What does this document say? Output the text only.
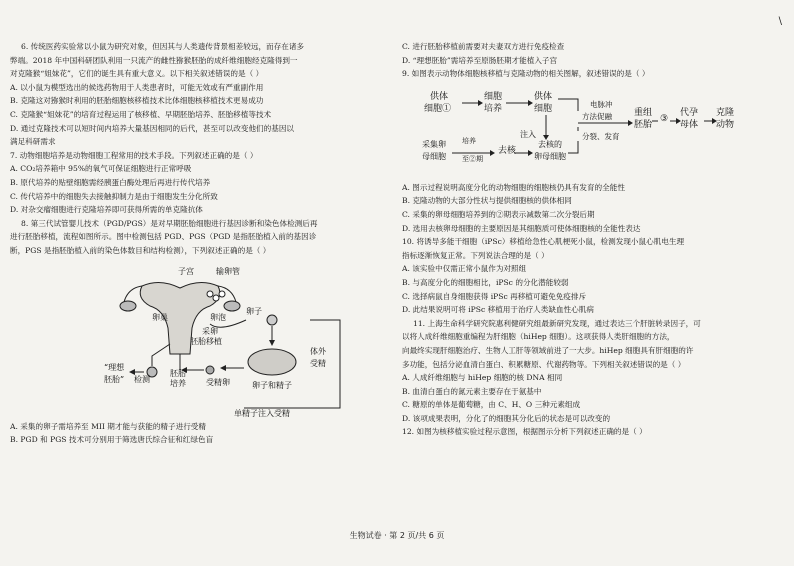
\
6. 传统医药实验常以小鼠为研究对象，但因其与人类遗传背景相差较远，而存在诸多
弊端。2018 年中国科研团队利用一只流产的雌性猕猴胚胎的成纤维细胞经克隆得到一
对克隆猴“姐妹花”，它们的诞生具有重大意义。以下相关叙述错误的是（ ）
A. 以小鼠为模型选出的候选药物用于人类患者时，可能无效或有严重副作用
B. 克隆这对猕猴时利用的胚胎细胞核移植技术比体细胞核移植技术更易成功
C. 克隆猴“姐妹花”的培育过程运用了核移植、早期胚胎培养、胚胎移植等技术
D. 通过克隆技术可以短时间内培养大量基因相同的后代，甚至可以改变他们的基因以
满足科研需求
7. 动物细胞培养是动物细胞工程常用的技术手段。下列叙述正确的是（ ）
A. CO₂培养箱中 95%的氧气可保证细胞进行正常呼吸
B. 原代培养的贴壁细胞需经胰蛋白酶处理后再进行传代培养
C. 传代培养中的细胞失去接触抑制力是由于细胞发生分化所致
D. 对杂交瘤细胞进行克隆培养即可获得所需的单克隆抗体
8. 第三代试管婴儿技术（PGD/PGS）是对早期胚胎细胞进行基因诊断和染色体检测后再
进行胚胎移植，流程如图所示。图中检测包括 PGD、PGS（PGD 是指胚胎植入前的基因诊
断，PGS 是指胚胎植入前的染色体数目和结构检测），下列叙述正确的是（ ）
子宫	输卵管
卵巢	卵泡
采卵
卵子
体外
受精
卵子和精子
受精卵
胚胎移植
胚胎
培养
“理想
胚胎” 检测
单精子注入受精
A. 采集的卵子需培养至 MII 期才能与获能的精子进行受精
B. PGD 和 PGS 技术可分别用于筛选唐氏综合征和红绿色盲
C. 进行胚胎移植前需要对夫妻双方进行免疫检查
D. “理想胚胎”需培养至原肠胚期才能植入子宫
9. 如图表示动物体细胞核移植与克隆动物的相关图解，叙述错误的是（ ）
供体
细胞①
细胞
培养
供体
细胞
注入
采集卵
母细胞
培养
至②期
去核
去核的
卵母细胞
电脉冲
方法促融
分裂、发育
重组
胚胎
③
代孕
母体
克隆
动物
A. 图示过程说明高度分化的动物细胞的细胞核仍具有发育的全能性
B. 克隆动物的大部分性状与提供细胞核的供体相同
C. 采集的卵母细胞培养到的②期表示减数第二次分裂后期
D. 选用去核卵母细胞的主要原因是其细胞质可使体细胞核的全能性表达
10. 将诱导多能干细胞（iPSc）移植给急性心肌梗死小鼠，检测发现小鼠心肌电生理
指标逐渐恢复正常。下列说法合理的是（ ）
A. 该实验中仅需正常小鼠作为对照组
B. 与高度分化的细胞相比，iPSc 的分化潜能较弱
C. 选择病鼠自身细胞获得 iPSc 再移植可避免免疫排斥
D. 此结果说明可将 iPSc 移植用于治疗人类缺血性心肌病
11. 上海生命科学研究院惠利健研究组最新研究发现，通过表达三个肝脏转录因子，可
以将人成纤维细胞重编程为肝细胞（hiHep 细胞）。这项获得人类肝细胞的方法，
向最终实现肝细胞治疗、生物人工肝等领域前进了一大步。hiHep 细胞具有肝细胞的许
多功能，包括分泌血清白蛋白、积累糖原、代谢药物等。下列相关叙述错误的是（ ）
A. 人成纤维细胞与 hiHep 细胞的核 DNA 相同
B. 血清白蛋白的氮元素主要存在于氨基中
C. 糖原的单体是葡萄糖，由 C、H、O 三种元素组成
D. 该项成果表明，分化了的细胞其分化后的状态是可以改变的
12. 如图为核移植实验过程示意图，根据图示分析下列叙述正确的是（ ）
生物试卷 · 第 2 页/共 6 页
